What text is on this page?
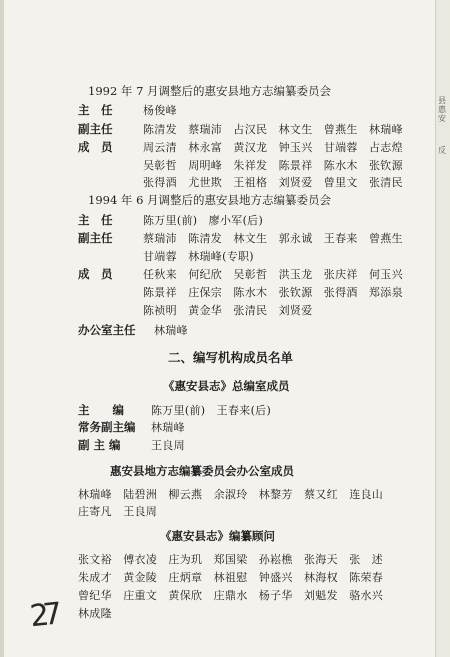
县 惠安
反
1992 年 7 月调整后的惠安县地方志编纂委员会
主　任	杨俊峰
副主任	陈清发　蔡瑞沛　占汉民　林文生　曾燕生　林瑞峰
成　员	周云清　林永富　黄汉龙　钟玉兴　甘端蓉　占志煌
吴彰哲　周明峰　朱祥发　陈景祥　陈水木　张钦源
张得酒　尤世欺　王祖格　刘贤爱　曾里文　张清民
1994 年 6 月调整后的惠安县地方志编纂委员会
主　任	陈万里(前)　廖小军(后)
副主任	蔡瑞沛　陈清发　林文生　郭永诚　王春来　曾燕生
甘端蓉　林瑞峰(专职)
成　员	任秋来　何纪欣　吴彰哲　洪玉龙　张庆祥　何玉兴
陈景祥　庄保宗　陈水木　张钦源　张得酒　郑添泉
陈祯明　黄金华　张清民　刘贤爱
办公室主任 林瑞峰
二、编写机构成员名单
《惠安县志》总编室成员
主　　编 陈万里(前)　王春来(后)
常务副主编 林瑞峰
副 主 编	王良周
惠安县地方志编纂委员会办公室成员
林瑞峰　陆碧洲　柳云燕　余淑玲　林黎芳　蔡又红　连良山
庄寄凡　王良周
《惠安县志》编纂顾问
张文裕　傅衣凌　庄为玑　郑国梁　孙崧樵　张海天　张　述
朱成才　黄金陵　庄炳章　林祖慰　钟盛兴　林海权　陈荣春
曾纪华　庄重文　黄保欣　庄鼎水　杨子华　刘魁发　骆水兴
林成隆
27
